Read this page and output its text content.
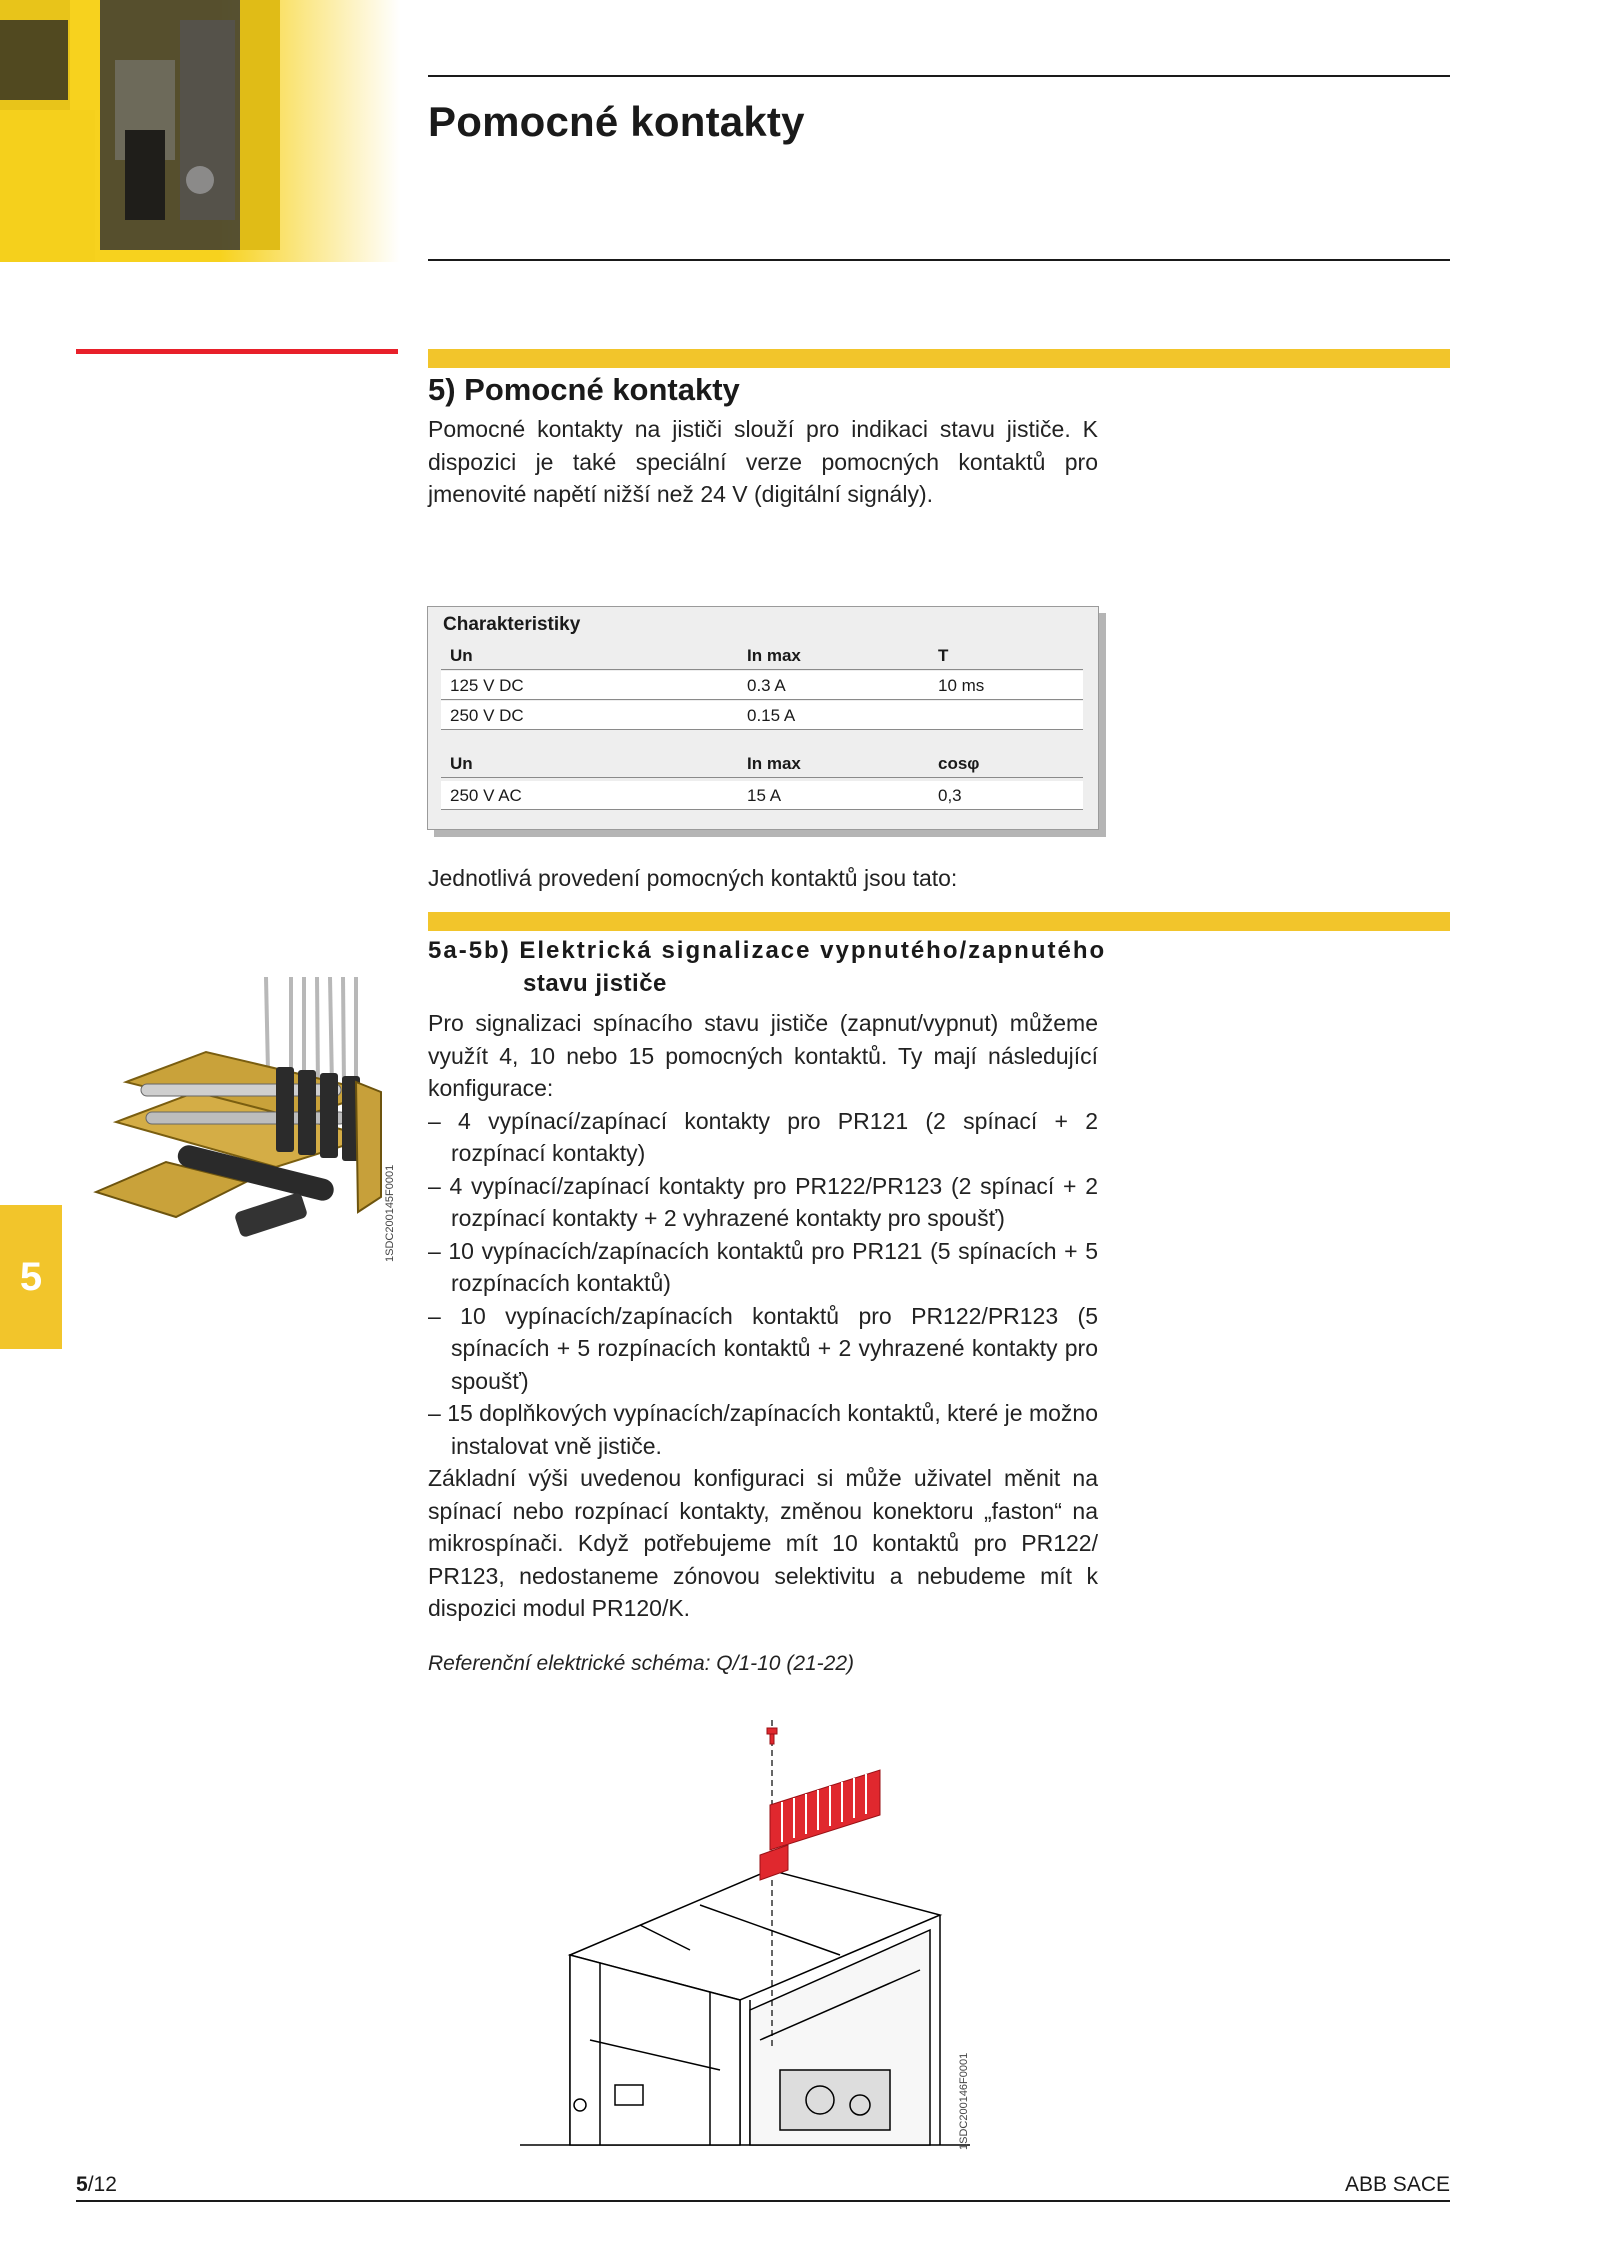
Pomocné kontakty
5) Pomocné kontakty
Pomocné kontakty na jističi slouží pro indikaci stavu jističe. K dispozici je také speciální verze pomocných kontaktů pro jmenovité napětí nižší než 24 V (digitální signály).
Charakteristiky
Un	In max	T
125 V DC	0.3 A	10 ms
250 V DC	0.15 A
Un	In max	cosφ
250 V AC	15 A	0,3
Jednotlivá provedení pomocných kontaktů jsou tato:
5a-5b) Elektrická signalizace vypnutého/zapnutého
stavu jističe
Pro signalizaci spínacího stavu jističe (zapnut/vypnut) můžeme využít 4, 10 nebo 15 pomocných kontaktů. Ty mají následující konfigurace:
– 4 vypínací/zapínací kontakty pro PR121 (2 spínací + 2 rozpínací kontakty)
– 4 vypínací/zapínací kontakty pro PR122/PR123 (2 spínací + 2 rozpínací kontakty + 2 vyhrazené kontakty pro spoušť)
– 10 vypínacích/zapínacích kontaktů pro PR121 (5 spínacích + 5 rozpínacích kontaktů)
– 10 vypínacích/zapínacích kontaktů pro PR122/PR123 (5 spínacích + 5 rozpínacích kontaktů + 2 vyhrazené kontakty pro spoušť)
– 15 doplňkových vypínacích/zapínacích kontaktů, které je možno instalovat vně jističe.
Základní výši uvedenou konfiguraci si může uživatel měnit na spínací nebo rozpínací kontakty, změnou konektoru „faston“ na mikrospínači. Když potřebujeme mít 10 kontaktů pro PR122/ PR123, nedostaneme zónovou selektivitu a nebudeme mít k dispozici modul PR120/K.
Referenční elektrické schéma: Q/1-10 (21-22)
1SDC200145F0001
1SDC200146F0001
5
5/12	ABB SACE
